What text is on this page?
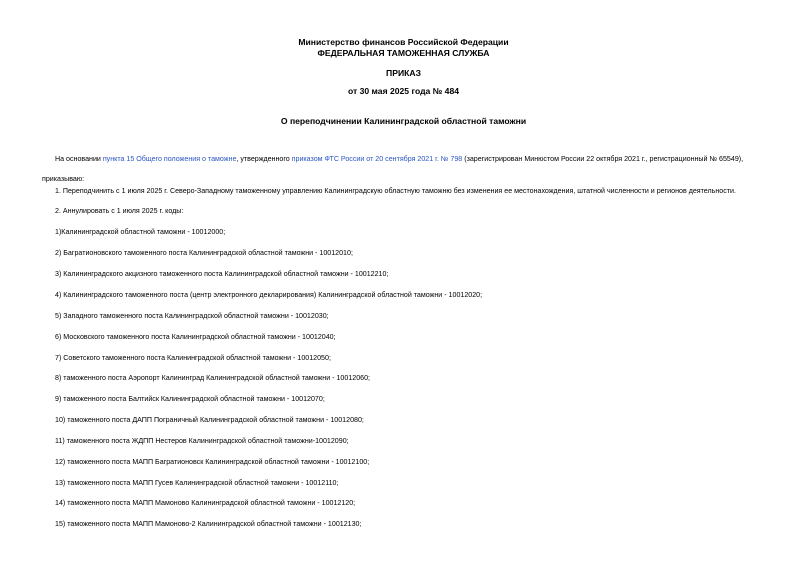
Министерство финансов Российской Федерации
ФЕДЕРАЛЬНАЯ ТАМОЖЕННАЯ СЛУЖБА
ПРИКАЗ
от 30 мая 2025 года № 484
О переподчинении Калининградской областной таможни
На основании пункта 15 Общего положения о таможне, утвержденного приказом ФТС России от 20 сентября 2021 г. № 798 (зарегистрирован Минюстом России 22 октября 2021 г., регистрационный № 65549),
приказываю:
1. Переподчинить с 1 июля 2025 г. Северо-Западному таможенному управлению Калининградскую областную таможню без изменения ее местонахождения, штатной численности и регионов деятельности.
2. Аннулировать с 1 июля 2025 г. коды:
1)Калининградской областной таможни - 10012000;
2) Багратионовского таможенного поста Калининградской областной таможни - 10012010;
3) Калининградского акцизного таможенного поста Калининградской областной таможни - 10012210;
4) Калининградского таможенного поста (центр электронного декларирования) Калининградской областной таможни - 10012020;
5) Западного таможенного поста Калининградской областной таможни - 10012030;
6) Московского таможенного поста Калининградской областной таможни - 10012040;
7) Советского таможенного поста Калининградской областной таможни - 10012050;
8) таможенного поста Аэропорт Калининград Калининградской областной таможни - 10012060;
9) таможенного поста Балтийск Калининградской областной таможни - 10012070;
10) таможенного поста ДАПП Пограничный Калининградской областной таможни - 10012080;
11) таможенного поста ЖДПП Нестеров Калининградской областной таможни-10012090;
12) таможенного поста МАПП Багратионовск Калининградской областной таможни - 10012100;
13) таможенного поста МАПП Гусев Калининградской областной таможни - 10012110;
14) таможенного поста МАПП Мамоново Калининградской областной таможни - 10012120;
15) таможенного поста МАПП Мамоново-2 Калининградской областной таможни - 10012130;
